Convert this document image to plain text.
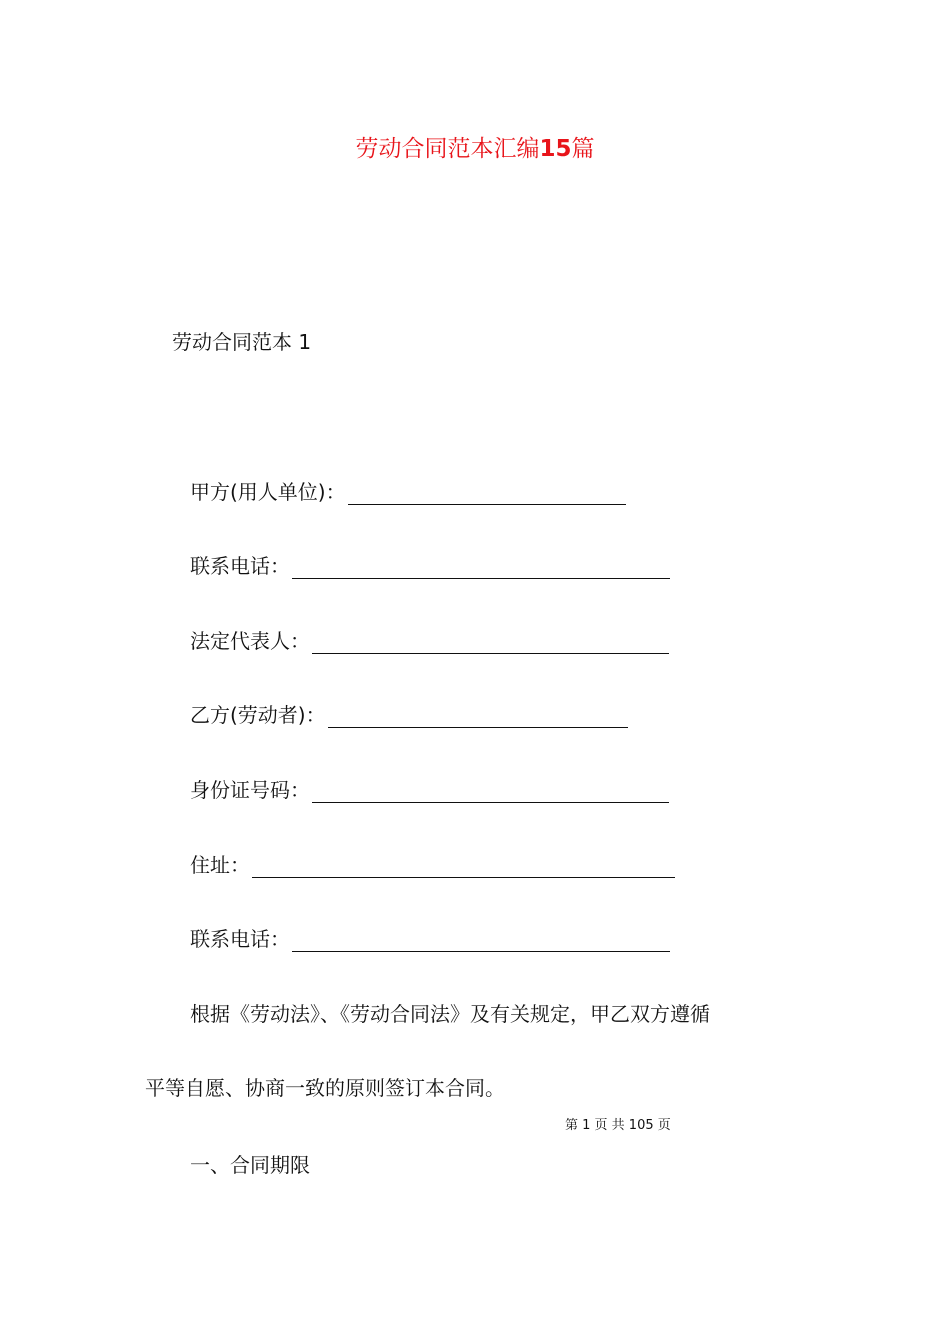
劳动合同范本汇编15篇
劳动合同范本 1
甲方(用人单位)：
联系电话：
法定代表人：
乙方(劳动者)：
身份证号码：
住址：
联系电话：
根据《劳动法》、《劳动合同法》及有关规定，甲乙双方遵循
平等自愿、协商一致的原则签订本合同。
第 1 页 共 105 页
一、合同期限
